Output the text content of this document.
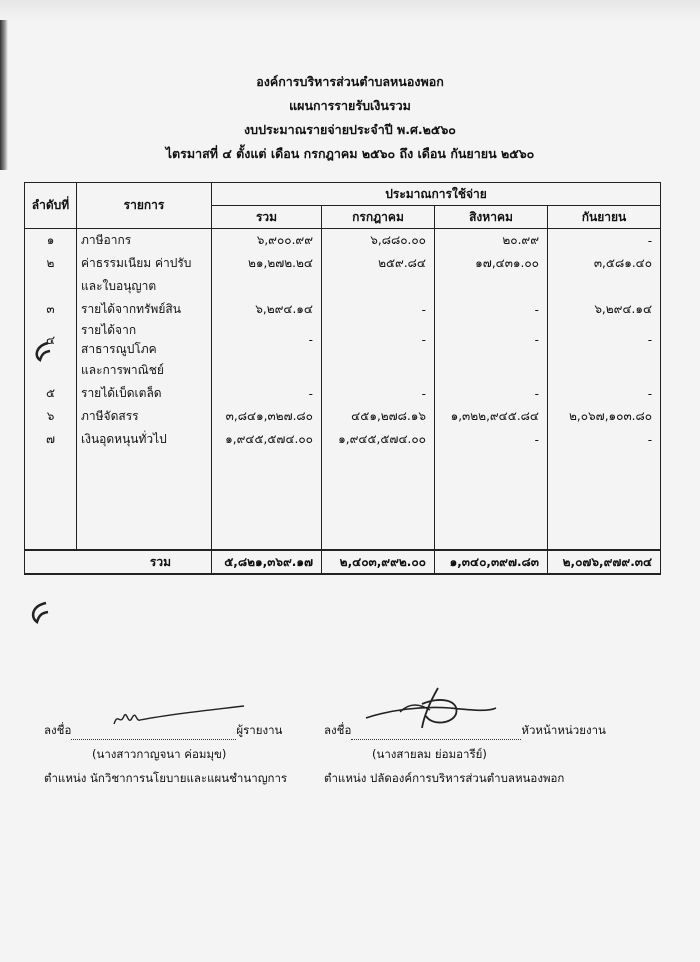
องค์การบริหารส่วนตำบลหนองพอก
แผนการรายรับเงินรวม
งบประมาณรายจ่ายประจำปี พ.ศ.๒๕๖๐
ไตรมาสที่ ๔ ตั้งแต่ เดือน กรกฎาคม ๒๕๖๐ ถึง เดือน กันยายน ๒๕๖๐
ลำดับที่	รายการ	ประมาณการใช้จ่าย			
		รวม	กรกฎาคม	สิงหาคม	กันยายน
๑	ภาษีอากร	๖,๙๐๐.๙๙	๖,๘๘๐.๐๐	๒๐.๙๙	-
๒	ค่าธรรมเนียม ค่าปรับ	๒๑,๒๗๒.๒๔	๒๕๙.๘๔	๑๗,๔๓๑.๐๐	๓,๕๘๑.๔๐
	และใบอนุญาต				
๓	รายได้จากทรัพย์สิน	๖,๒๙๔.๑๔	-	-	๖,๒๙๔.๑๔
๔	รายได้จากสาธารณูปโภค	-	-	-	-
	และการพาณิชย์				
๕	รายได้เบ็ดเตล็ด	-	-	-	-
๖	ภาษีจัดสรร	๓,๘๔๑,๓๒๗.๘๐	๔๕๑,๒๗๘.๑๖	๑,๓๒๒,๙๔๕.๘๔	๒,๐๖๗,๑๐๓.๘๐
๗	เงินอุดหนุนทั่วไป	๑,๙๔๕,๕๗๔.๐๐	๑,๙๔๕,๕๗๔.๐๐	-	-

รวม		๕,๘๒๑,๓๖๙.๑๗	๒,๔๐๓,๙๙๒.๐๐	๑,๓๔๐,๓๙๗.๘๓	๒,๐๗๖,๙๗๙.๓๔
ลงชื่อ	ผู้รายงาน
(นางสาวกาญจนา ค่อมมุข)
ตำแหน่ง นักวิชาการนโยบายและแผนชำนาญการ
ลงชื่อ	หัวหน้าหน่วยงาน
(นางสายลม ย่อมอารีย์)
ตำแหน่ง ปลัดองค์การบริหารส่วนตำบลหนองพอก
